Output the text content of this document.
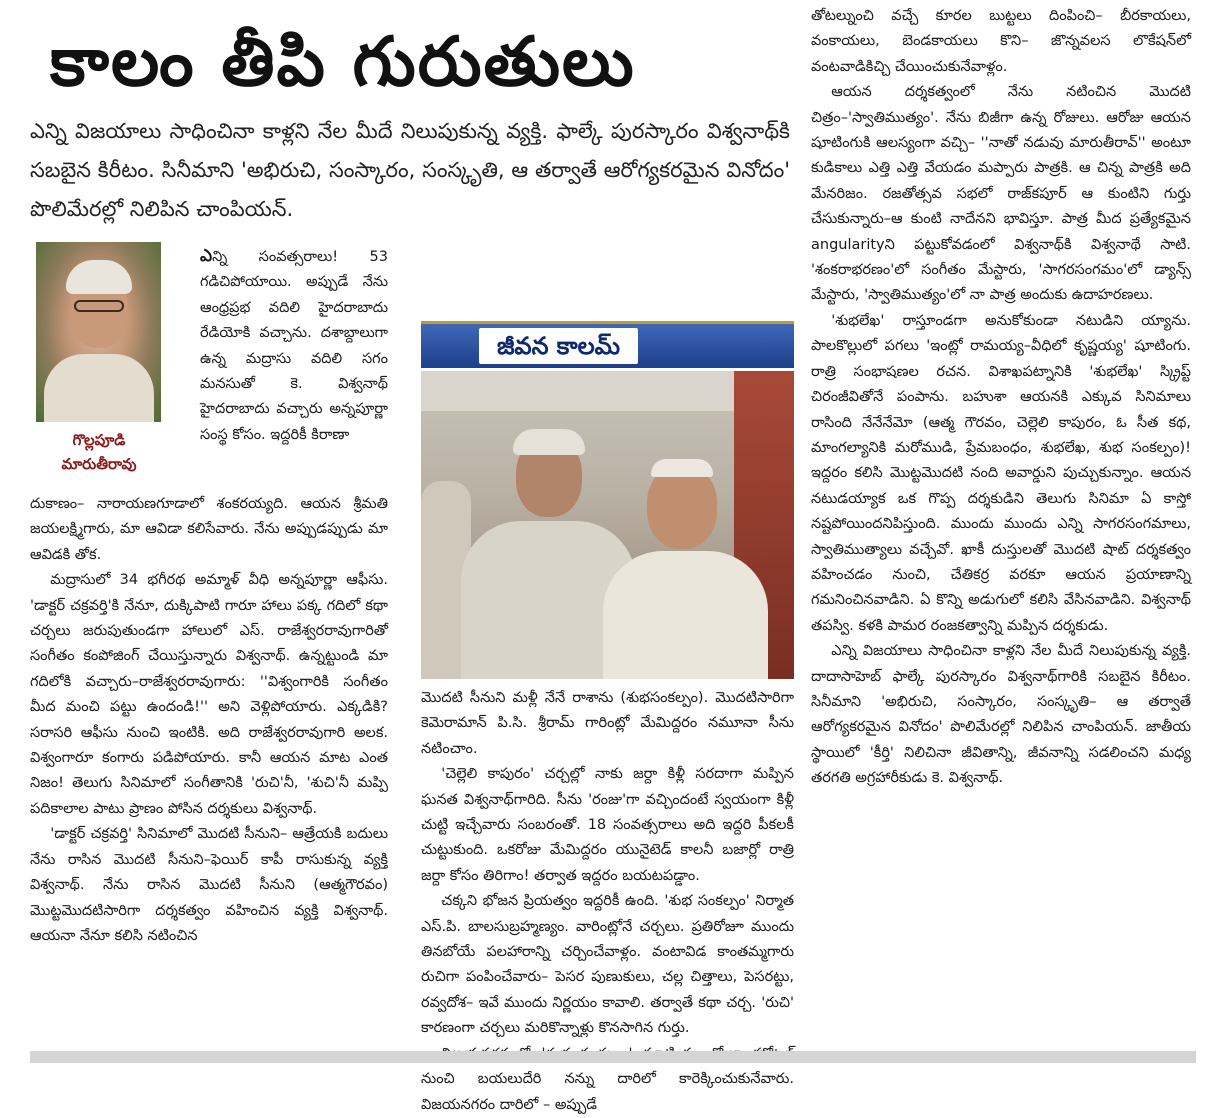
కాలం తీపి గురుతులు
ఎన్ని విజయాలు సాధించినా కాళ్లని నేల మీదే నిలుపుకున్న వ్యక్తి. ఫాల్కే పురస్కారం విశ్వనాథ్‌కి సబబైన కిరీటం. సినీమాని 'అభిరుచి, సంస్కారం, సంస్కృతి, ఆ తర్వాతే ఆరోగ్యకరమైన వినోదం' పొలిమేరల్లో నిలిపిన చాంపియన్.
గొల్లపూడి
మారుతీరావు

ఎన్ని సంవత్సరాలు! 53 గడిచిపోయాయి. అప్పుడే నేను ఆంధ్రప్రభ వదిలి హైదరాబాదు రేడియోకి వచ్చాను. దశాబ్దాలుగా ఉన్న మద్రాసు వదిలి సగం మనసుతో కె. విశ్వనాథ్ హైదరాబాదు వచ్చారు అన్నపూర్ణా సంస్థ కోసం. ఇద్దరికీ కిరాణా

దుకాణం– నారాయణగూడాలో శంకరయ్యది. ఆయన శ్రీమతి జయలక్ష్మిగారు, మా ఆవిడా కలిసేవారు. నేను అప్పుడప్పుడు మా ఆవిడకి తోక.

మద్రాసులో 34 భగీరథ అమ్మాళ్ వీధి అన్నపూర్ణా ఆఫీసు. 'డాక్టర్ చక్రవర్తి'కి నేనూ, దుక్కిపాటి గారూ హాలు పక్క గదిలో కథా చర్చలు జరుపుతుండగా హాలులో ఎస్. రాజేశ్వరరావుగారితో సంగీతం కంపోజింగ్ చేయిస్తున్నారు విశ్వనాథ్. ఉన్నట్టుండి మా గదిలోకి వచ్చారు–రాజేశ్వరరావుగారు: ''విశ్వంగారికి సంగీతం మీద మంచి పట్టు ఉందండి!'' అని వెళ్లిపోయారు. ఎక్కడికి? సరాసరి ఆఫీసు నుంచి ఇంటికి. అది రాజేశ్వరరావుగారి అలక. విశ్వంగారూ కంగారు పడిపోయారు. కానీ ఆయన మాట ఎంత నిజం! తెలుగు సినిమాలో సంగీతానికి 'రుచి'నీ, 'శుచి'నీ మప్పి పదికాలాల పాటు ప్రాణం పోసిన దర్శకులు విశ్వనాథ్.

'డాక్టర్ చక్రవర్తి' సినిమాలో మొదటి సీనుని– ఆత్రేయకి బదులు నేను రాసిన మొదటి సీనుని–ఫెయిర్ కాపీ రాసుకున్న వ్యక్తి విశ్వనాథ్. నేను రాసిన మొదటి సీనుని (ఆత్మగౌరవం) మొట్టమొదటిసారిగా దర్శకత్వం వహించిన వ్యక్తి విశ్వనాథ్. ఆయనా నేనూ కలిసి నటించిన

జీవన కాలమ్

మొదటి సీనుని మళ్లీ నేనే రాశాను (శుభసంకల్పం). మొదటిసారిగా కెమెరామాన్ పి.సి. శ్రీరామ్ గారింట్లో మేమిద్దరం నమూనా సీను నటించాం.

'చెల్లెలి కాపురం' చర్చల్లో నాకు జర్దా కిళ్లీ సరదాగా మప్పిన ఘనత విశ్వనాథ్‌గారిది. సీను 'రంజు'గా వచ్చిందంటే స్వయంగా కిళ్లీ చుట్టి ఇచ్చేవారు సంబరంతో. 18 సంవత్సరాలు అది ఇద్దరి పీకలకీ చుట్టుకుంది. ఒకరోజు మేమిద్దరం యునైటెడ్ కాలనీ బజార్లో రాత్రి జర్దా కోసం తిరిగాం! తర్వాత ఇద్దరం బయటపడ్డాం.

చక్కని భోజన ప్రియత్వం ఇద్దరికీ ఉంది. 'శుభ సంకల్పం' నిర్మాత ఎస్.పి. బాలసుబ్రహ్మణ్యం. వారింట్లోనే చర్చలు. ప్రతిరోజూ ముందు తినబోయే పలహారాన్ని చర్చించేవాళ్లం. వంటావిడ కాంతమ్మగారు రుచిగా పంపించేవారు– పెసర పుణుకులు, చల్ల చిత్తాలు, పెసరట్టు, రవ్వదోశ– ఇవే ముందు నిర్ణయం కావాలి. తర్వాతే కథా చర్చ. 'రుచి' కారణంగా చర్చలు మరికొన్నాళ్లు కొనసాగిన గుర్తు.

నుంచి బయలుదేరి నన్ను దారిలో కారెక్కించుకునేవారు. విజయనగరం దారిలో – అప్పుడే

తోటల్నుంచి వచ్చే కూరల బుట్టలు దింపించి– బీరకాయలు, వంకాయలు, బెండకాయలు కొని– జొన్నవలస లొకేషన్‌లో వంటవాడికిచ్చి చేయించుకునేవాళ్లం.

ఆయన దర్శకత్వంలో నేను నటించిన మొదటి చిత్రం–'స్వాతిముత్యం'. నేను బిజీగా ఉన్న రోజులు. ఆరోజు ఆయన షూటింగుకి ఆలస్యంగా వచ్చి– ''నాతో నడువు మారుతీరావ్'' అంటూ కుడికాలు ఎత్తి ఎత్తి వేయడం మప్పారు పాత్రకి. ఆ చిన్న పాత్రకి అది మేనరిజం. రజతోత్సవ సభలో రాజ్‌కపూర్ ఆ కుంటిని గుర్తు చేసుకున్నారు–ఆ కుంటి నాదేనని భావిస్తూ. పాత్ర మీద ప్రత్యేకమైన angularityని పట్టుకోవడంలో విశ్వనాథ్‌కి విశ్వనాథే సాటి. 'శంకరాభరణం'లో సంగీతం మేస్టారు, 'సాగరసంగమం'లో డ్యాన్స్ మేస్టారు, 'స్వాతిముత్యం'లో నా పాత్ర అందుకు ఉదాహరణలు.

'శుభలేఖ' రాస్తూండగా అనుకోకుండా నటుడిని య్యాను. పాలకొల్లులో పగలు 'ఇంట్లో రామయ్య–వీధిలో కృష్ణయ్య' షూటింగు. రాత్రి సంభాషణల రచన. విశాఖపట్నానికి 'శుభలేఖ' స్క్రిప్ట్ చిరంజీవితోనే పంపాను. బహుశా ఆయనకి ఎక్కువ సినిమాలు రాసింది నేనేనేమో (ఆత్మ గౌరవం, చెల్లెలి కాపురం, ఓ సీత కథ, మాంగల్యానికి మరోముడి, ప్రేమబంధం, శుభలేఖ, శుభ సంకల్పం)! ఇద్దరం కలిసి మొట్టమొదటి నంది అవార్డుని పుచ్చుకున్నాం. ఆయన నటుడయ్యాక ఒక గొప్ప దర్శకుడిని తెలుగు సినిమా ఏ కాస్తో నష్టపోయిందనిపిస్తుంది. ముందు ముందు ఎన్ని సాగరసంగమాలు, స్వాతిముత్యాలు వచ్చేవో. ఖాకీ దుస్తులతో మొదటి షాట్ దర్శకత్వం వహించడం నుంచి, చేతికర్ర వరకూ ఆయన ప్రయాణాన్ని గమనించినవాడిని. ఏ కొన్ని అడుగులో కలిసి వేసినవాడిని. విశ్వనాథ్ తపస్వి. కళకి పామర రంజకత్వాన్ని మప్పిన దర్శకుడు.

ఎన్ని విజయాలు సాధించినా కాళ్లని నేల మీదే నిలుపుకున్న వ్యక్తి. దాదాసాహెబ్ ఫాల్కే పురస్కారం విశ్వనాథ్‌గారికి సబబైన కిరీటం. సినీమాని 'అభిరుచి, సంస్కారం, సంస్కృతి– ఆ తర్వాతే ఆరోగ్యకరమైన వినోదం' పొలిమేరల్లో నిలిపిన చాంపియన్. జాతీయ స్థాయిలో 'కీర్తి' నిలిచినా జీవితాన్ని, జీవనాన్ని సడలించని మధ్య తరగతి అగ్రహారీకుడు కె. విశ్వనాథ్.
